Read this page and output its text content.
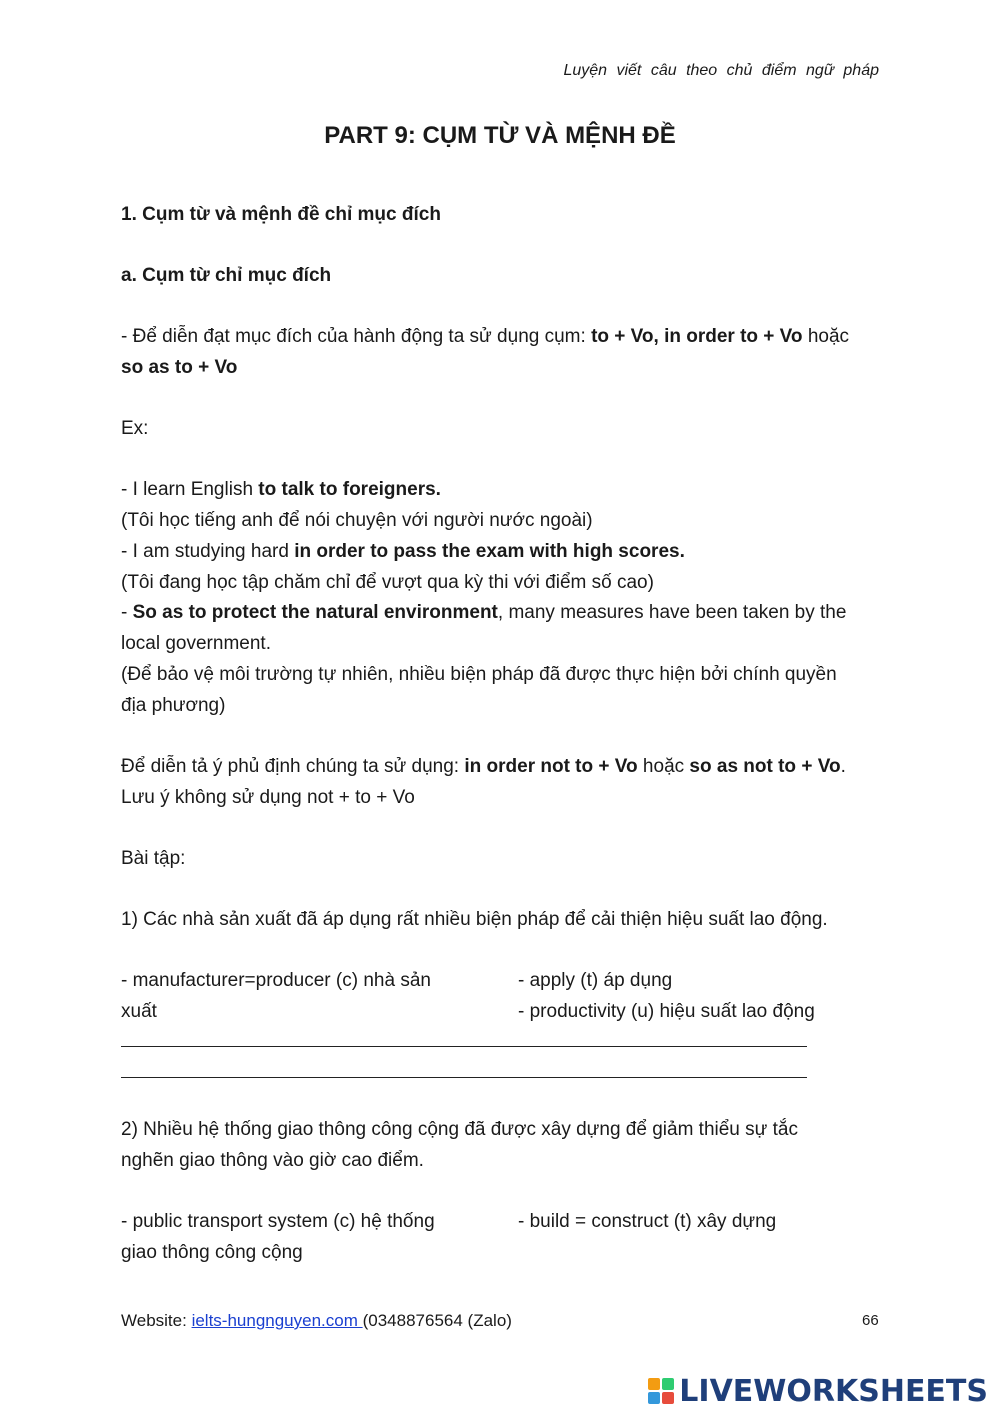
Luyện viết câu theo chủ điểm ngữ pháp
PART 9: CỤM TỪ VÀ MỆNH ĐỀ
1. Cụm từ và mệnh đề chỉ mục đích
a. Cụm từ chỉ mục đích
- Để diễn đạt mục đích của hành động ta sử dụng cụm: to + Vo, in order to + Vo hoặc
so as to + Vo
Ex:
- I learn English to talk to foreigners.
(Tôi học tiếng anh để nói chuyện với người nước ngoài)
- I am studying hard in order to pass the exam with high scores.
(Tôi đang học tập chăm chỉ để vượt qua kỳ thi với điểm số cao)
- So as to protect the natural environment, many measures have been taken by the
local government.
(Để bảo vệ môi trường tự nhiên, nhiều biện pháp đã được thực hiện bởi chính quyền
địa phương)
Để diễn tả ý phủ định chúng ta sử dụng: in order not to + Vo hoặc so as not to + Vo.
Lưu ý không sử dụng not + to + Vo
Bài tập:
1) Các nhà sản xuất đã áp dụng rất nhiều biện pháp để cải thiện hiệu suất lao động.
- manufacturer=producer (c) nhà sản
xuất
- apply (t) áp dụng
- productivity (u) hiệu suất lao động
2) Nhiều hệ thống giao thông công cộng đã được xây dựng để giảm thiểu sự tắc
nghẽn giao thông vào giờ cao điểm.
- public transport system (c) hệ thống
giao thông công cộng
- build = construct (t) xây dựng
Website: ielts-hungnguyen.com (0348876564 (Zalo)	66
LIVEWORKSHEETS
